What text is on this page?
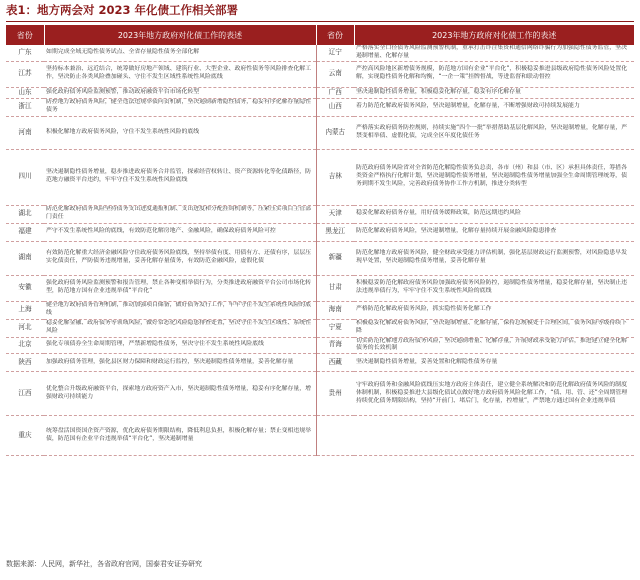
表1：地方两会对 2023 年化债工作相关部署
省份	2023年地方政府对化债工作的表述	省份	2023年地方政府对化债工作的表述
广东	如期完成全域无隐性债务试点、全省存量隐性债务全部化解	辽宁	严格落实全口径债务风险监测预警机制，重承打击诈注集资和通信网络诈骗行为加强隐性债务监管，坚决遏制增量、化解存量
江苏	坚持标本兼治、远近结合，统筹做好房地产领域、建筑行业、大型企业、政府性债务等风险排查化解工作，坚决防止各类风险叠加碰头、守住不发生区域性系统性风险底线	云南	严控高风险地区新增债务规模，防范地方国有企业“平台化”，积极稳妥推进县级政府隐性债务风险处置化解，实现隐性债务化解和均衡，“一企一策”挂牌督战，等进监督和联动督控
山东	强化政府债务风险监测预警，推动政府融资平台市场化转型	广西	坚决遏制隐性债务增量，积极稳妥化解存量，稳妥有序化解存量
浙江	防控地方政府债务风险，健全违法违规举债问责机制，坚决遏制新增隐性债务，稳妥有序化解存量隐性债务	山西	着力防范化解政府债务风险，坚决遏制增量，化解存量，不断增强财政可持续发展能力
河南	积极化解地方政府债务风险，守住不发生系统性风险的底线	内蒙古	严格落实政府债务防控规则，持续实施“四个一批”举措帮助基层化解风险，坚决遏制增量，化解存量，严禁变相举债、虚假化债，完成全区年度化债任务
四川	坚决遏制隐性债务增量，稳步推进政府债务合并监管，探索经营权转让、资产资源转化等化债路径，防范地方融资平台违约，牢牢守住不发生系统性风险底线	吉林	防范政府债务风险省对全省防范化解隐性债务负总责，各市（州）和县（市、区）承担具体责任，筹措各类资金严格执行化解计划，坚决遏制隐性债务增量，坚决遏制隐性债务增量加强全生命周期管理统筹，债务到期不发生风险，完善政府债务协作工作方机制，推进分类转型
湖北	防范化解政府债务风险坚持债务支出进度通报机制、支出进度和分配挂钩机制等，压紧压实项目主管部门责任	天津	稳妥化解政府债务存量，用好债务缓释政策，防范远期违约风险
福建	严守不发生系统性风险的底线，有效防范化解房地产、金融风险，确保政府债务风险可控	黑龙江	防范化解政府债务风险，坚决遏制增量，化解存量持续开展金融风险隐患排查
湖南	有效防范化解重大经济金融风险守住政府债务风险底线，坚持举债有度、用债有方、还债有序，层层压实化债责任，严防债务违规增量，妥善化解存量债务，有效防范金融风险，虚假化债	新疆	防范化解地方政府债务风险，健全财政承受能力评估机制，强化基层财政运行监测预警，对风险隐患早发现早处置，坚决遏制隐性债务增量，妥善化解存量
安徽	强化政府债务风险监测预警和报告管理，禁止各种变相举债行为，分类推进政府融资平台公司市场化转型，防范地方国有企业违规举债“平台化”	甘肃	积极稳妥防范化解政府债务风险加强政府债务风险防控，遏制隐性债务增量，稳妥化解存量，坚决制止违法违规举债行为，牢牢守住不发生系统性风险的底线
上海	健全地方政府债务管理机制，推动加强项目储备，做好债务发行工作，牢牢守住不发生系统性风险的底线	海南	严格防范化解政府债务风险，抓实隐性债务化解工作
河北	稳妥化解金融、政府债务等领域风险，做好常态化风险隐患排查处置，坚决守住不发生区域性、系统性风险	宁夏	积极稳妥化解政府债务风险，坚决遏制增量、化解存量，保持总规模处于合理区间，债务风险等级持续下降
北京	强化专项债券全生命周期管理，严禁新增隐性债务，坚决守住不发生系统性风险底线	青海	切实防范化解地方政府债务风险，坚决遏制增量、化解存量，开展财政承受能力评估，推进建立健全化解债务的长效机制
陕西	加强政府债务管理，强化县区财力保障和财政运行监控，坚决遏制隐性债务增量，妥善化解存量	西藏	坚决遏制隐性债务增量，妥善处置和化解隐性债务存量
江西	优化整合升级政府融资平台，探索地方政府资产入市，坚决遏制隐性债务增量，稳妥有序化解存量，增强财政可持续能力	贵州	守牢政府债务和金融风险底线压实地方政府主体责任，建立健全系统解决和防范化解政府债务风险的制度体制机制，积极稳妥推进大县级化债试点做好地方政府债务风险化解工作，“债、用、管、还”全周期管理持续优化债务期限结构，坚持“开前门、堵后门，化存量，控增量”，严禁地方通过国有企业违规举债
重庆	统筹盘活国资国企资产资源，优化政府债务期限结构，降低利息负担，积极化解存量；禁止变相违规举债，防范国有企业平台违规举债“平台化”，坚决遏制增量		
数据来源：人民网，新华社，各省政府官网，国泰君安证券研究
